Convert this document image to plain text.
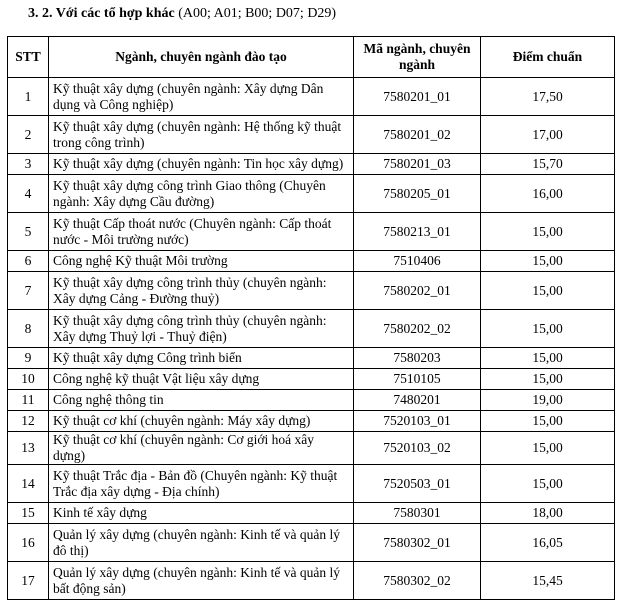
3. 2. Với các tổ hợp khác (A00; A01; B00; D07; D29)
STT	Ngành, chuyên ngành đào tạo	Mã ngành, chuyên ngành	Điểm chuẩn
1	Kỹ thuật xây dựng (chuyên ngành: Xây dựng Dân dụng và Công nghiệp)	7580201_01	17,50
2	Kỹ thuật xây dựng (chuyên ngành: Hệ thống kỹ thuật trong công trình)	7580201_02	17,00
3	Kỹ thuật xây dựng (chuyên ngành: Tin học xây dựng)	7580201_03	15,70
4	Kỹ thuật xây dựng công trình Giao thông (Chuyên ngành: Xây dựng Cầu đường)	7580205_01	16,00
5	Kỹ thuật Cấp thoát nước (Chuyên ngành: Cấp thoát nước - Môi trường nước)	7580213_01	15,00
6	Công nghệ Kỹ thuật Môi trường	7510406	15,00
7	Kỹ thuật xây dựng công trình thủy (chuyên ngành: Xây dựng Cảng - Đường thuỷ)	7580202_01	15,00
8	Kỹ thuật xây dựng công trình thủy (chuyên ngành: Xây dựng Thuỷ lợi - Thuỷ điện)	7580202_02	15,00
9	Kỹ thuật xây dựng Công trình biển	7580203	15,00
10	Công nghệ kỹ thuật Vật liệu xây dựng	7510105	15,00
11	Công nghệ thông tin	7480201	19,00
12	Kỹ thuật cơ khí (chuyên ngành: Máy xây dựng)	7520103_01	15,00
13	Kỹ thuật cơ khí (chuyên ngành: Cơ giới hoá xây dựng)	7520103_02	15,00
14	Kỹ thuật Trắc địa - Bản đồ (Chuyên ngành: Kỹ thuật Trắc địa xây dựng - Địa chính)	7520503_01	15,00
15	Kinh tế xây dựng	7580301	18,00
16	Quản lý xây dựng (chuyên ngành: Kinh tế và quản lý đô thị)	7580302_01	16,05
17	Quản lý xây dựng (chuyên ngành: Kinh tế và quản lý bất động sản)	7580302_02	15,45
